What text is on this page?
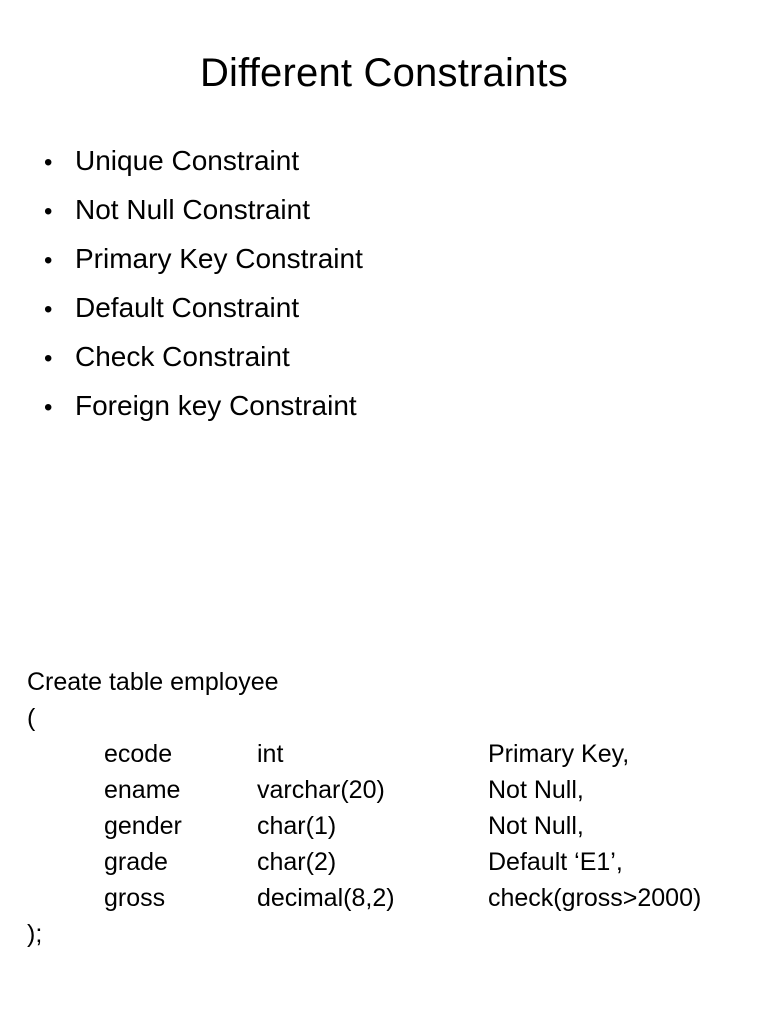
Different Constraints
• Unique Constraint
• Not Null Constraint
• Primary Key Constraint
• Default Constraint
• Check Constraint
• Foreign key Constraint
Create table employee
(
ecode	int	Primary Key,
ename	varchar(20)	Not Null,
gender	char(1)	Not Null,
grade	char(2)	Default ‘E1’,
gross	decimal(8,2)	check(gross>2000)
);
